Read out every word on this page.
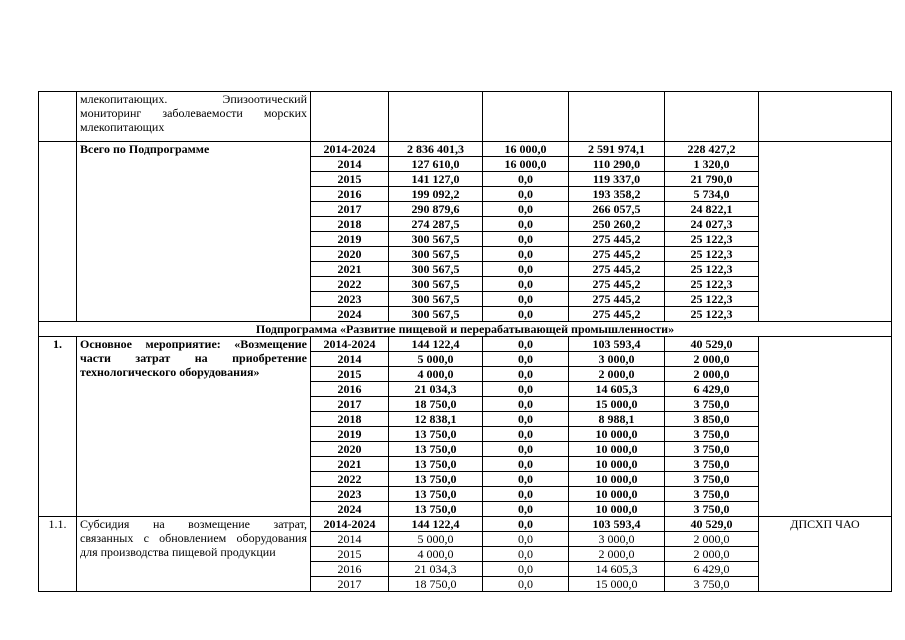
	млекопитающих. Эпизоотический мониторинг заболеваемости морских млекопитающих						
	Всего по Подпрограмме	2014-2024	2 836 401,3	16 000,0	2 591 974,1	228 427,2	
		2014	127 610,0	16 000,0	110 290,0	1 320,0	
		2015	141 127,0	0,0	119 337,0	21 790,0	
		2016	199 092,2	0,0	193 358,2	5 734,0	
		2017	290 879,6	0,0	266 057,5	24 822,1	
		2018	274 287,5	0,0	250 260,2	24 027,3	
		2019	300 567,5	0,0	275 445,2	25 122,3	
		2020	300 567,5	0,0	275 445,2	25 122,3	
		2021	300 567,5	0,0	275 445,2	25 122,3	
		2022	300 567,5	0,0	275 445,2	25 122,3	
		2023	300 567,5	0,0	275 445,2	25 122,3	
		2024	300 567,5	0,0	275 445,2	25 122,3	
Подпрограмма «Развитие пищевой и перерабатывающей промышленности»							
1.	Основное мероприятие: «Возмещение
части затрат на приобретение
технологического оборудования»	2014-2024	144 122,4	0,0	103 593,4	40 529,0	
		2014	5 000,0	0,0	3 000,0	2 000,0	
		2015	4 000,0	0,0	2 000,0	2 000,0	
		2016	21 034,3	0,0	14 605,3	6 429,0	
		2017	18 750,0	0,0	15 000,0	3 750,0	
		2018	12 838,1	0,0	8 988,1	3 850,0	
		2019	13 750,0	0,0	10 000,0	3 750,0	
		2020	13 750,0	0,0	10 000,0	3 750,0	
		2021	13 750,0	0,0	10 000,0	3 750,0	
		2022	13 750,0	0,0	10 000,0	3 750,0	
		2023	13 750,0	0,0	10 000,0	3 750,0	
		2024	13 750,0	0,0	10 000,0	3 750,0	
1.1.	Субсидия на возмещение затрат,
связанных с обновлением оборудования
для производства пищевой продукции	2014-2024	144 122,4	0,0	103 593,4	40 529,0	ДПСХП ЧАО
		2014	5 000,0	0,0	3 000,0	2 000,0	
		2015	4 000,0	0,0	2 000,0	2 000,0	
		2016	21 034,3	0,0	14 605,3	6 429,0	
		2017	18 750,0	0,0	15 000,0	3 750,0	
